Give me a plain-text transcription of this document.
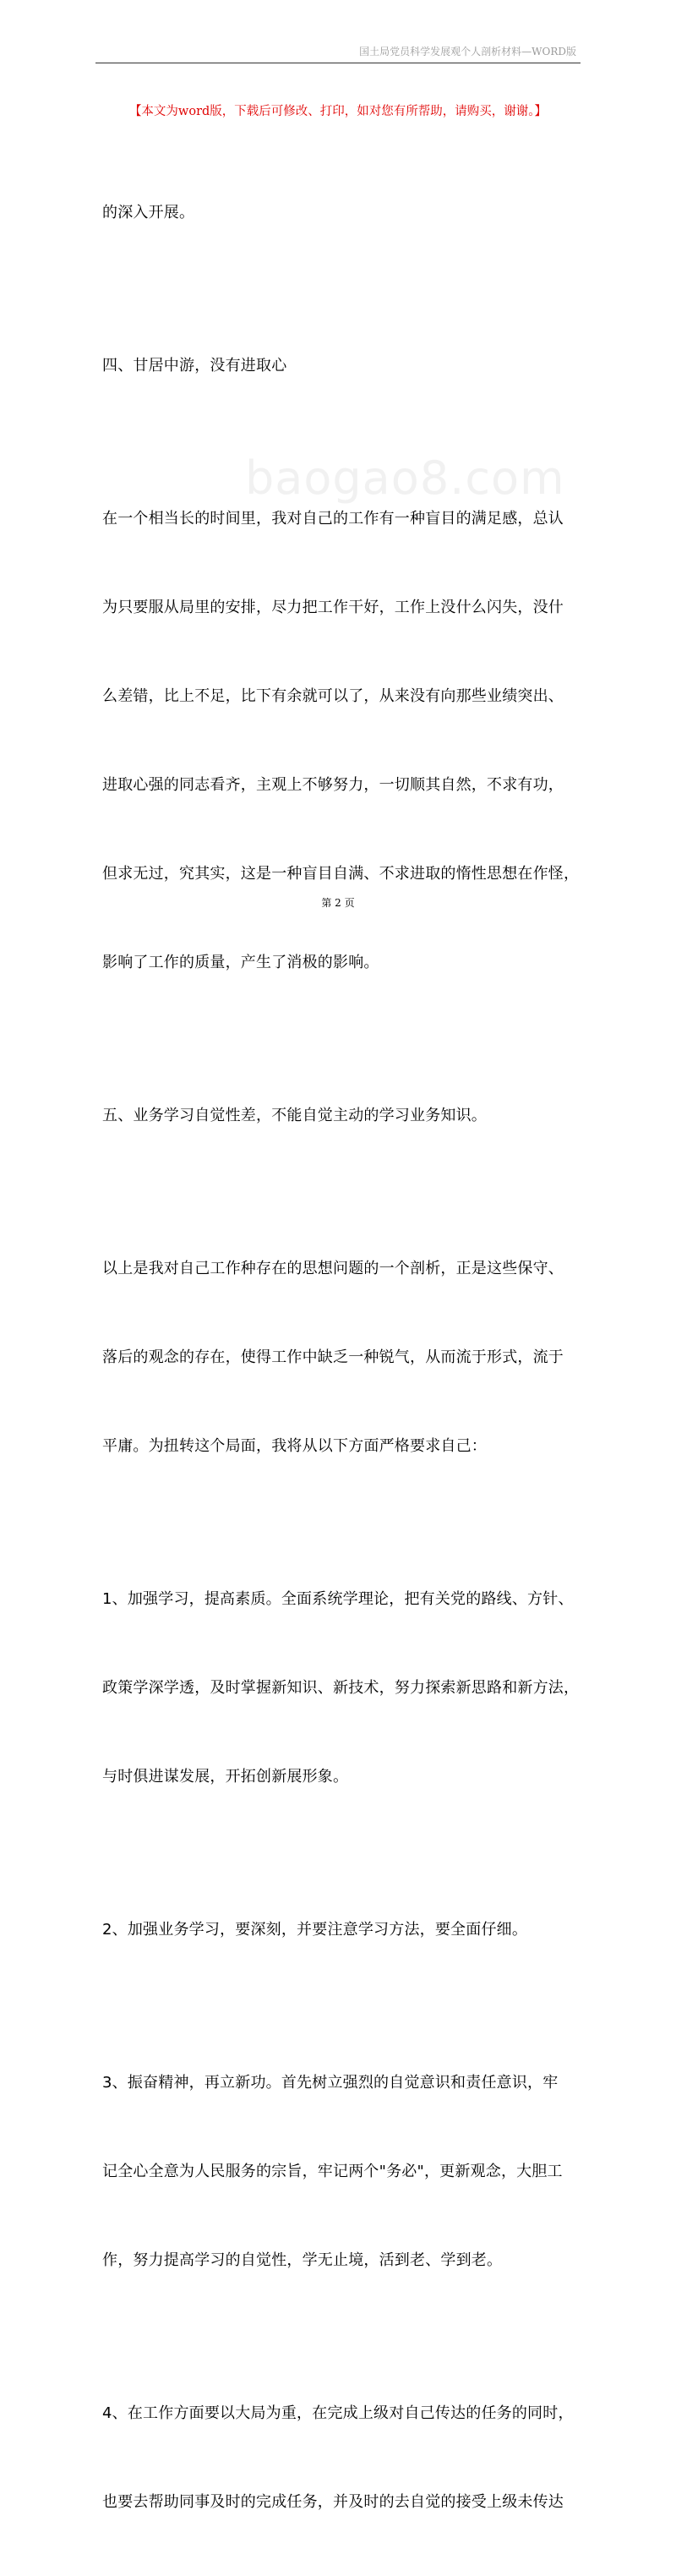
国土局党员科学发展观个人剖析材料—WORD版
【本文为word版，下载后可修改、打印，如对您有所帮助，请购买，谢谢。】
baogao8.com

的深入开展。

四、甘居中游，没有进取心

在一个相当长的时间里，我对自己的工作有一种盲目的满足感，总认

为只要服从局里的安排，尽力把工作干好，工作上没什么闪失，没什

么差错，比上不足，比下有余就可以了，从来没有向那些业绩突出、

进取心强的同志看齐，主观上不够努力，一切顺其自然，不求有功，

但求无过，究其实，这是一种盲目自满、不求进取的惰性思想在作怪，

影响了工作的质量，产生了消极的影响。

五、业务学习自觉性差，不能自觉主动的学习业务知识。

以上是我对自己工作种存在的思想问题的一个剖析，正是这些保守、

落后的观念的存在，使得工作中缺乏一种锐气，从而流于形式，流于

平庸。为扭转这个局面，我将从以下方面严格要求自己：

1、加强学习，提高素质。全面系统学理论，把有关党的路线、方针、

政策学深学透，及时掌握新知识、新技术，努力探索新思路和新方法，

与时俱进谋发展，开拓创新展形象。

2、加强业务学习，要深刻，并要注意学习方法，要全面仔细。

3、振奋精神，再立新功。首先树立强烈的自觉意识和责任意识，牢

记全心全意为人民服务的宗旨，牢记两个"务必"，更新观念，大胆工

作，努力提高学习的自觉性，学无止境，活到老、学到老。

4、在工作方面要以大局为重，在完成上级对自己传达的任务的同时，

也要去帮助同事及时的完成任务，并及时的去自觉的接受上级未传达

第 2 页
